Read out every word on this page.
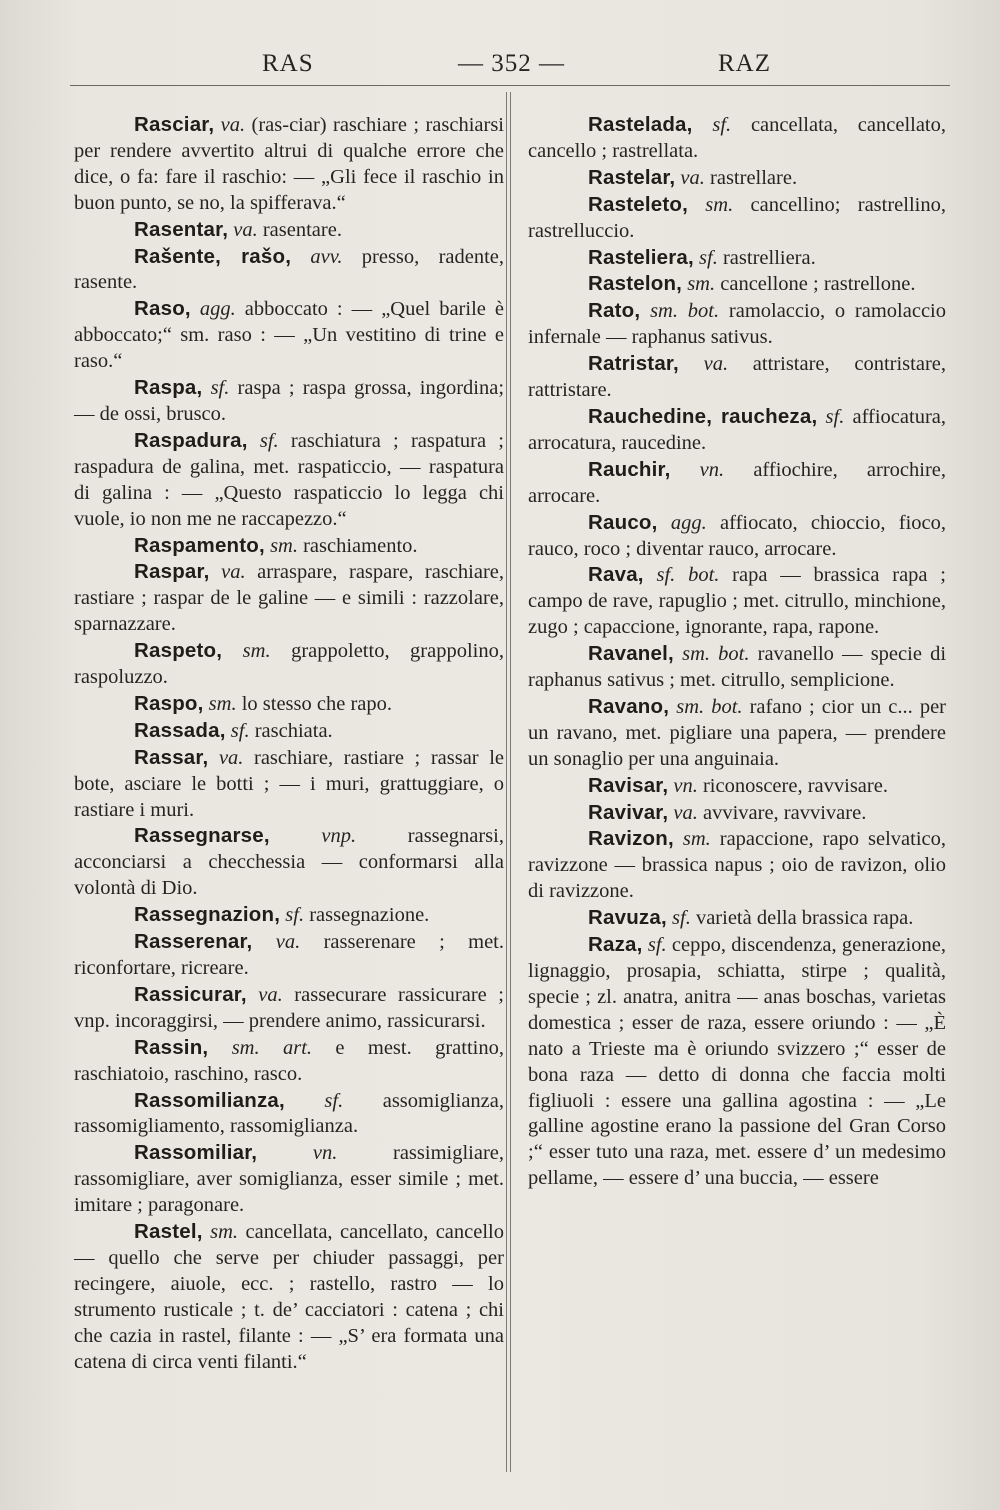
RAS	— 352 —	RAZ

Rasciar, va. (ras-ciar) raschiare ; raschiarsi per rendere avvertito altrui di qualche errore che dice, o fa: fare il raschio: — „Gli fece il raschio in buon punto, se no, la spifferava.“

Rasentar, va. rasentare.

Rašente, rašo, avv. presso, radente, rasente.

Raso, agg. abboccato : — „Quel barile è abboccato;“ sm. raso : — „Un vestitino di trine e raso.“

Raspa, sf. raspa ; raspa grossa, ingordina; — de ossi, brusco.

Raspadura, sf. raschiatura ; raspatura ; raspadura de galina, met. raspaticcio, — raspatura di galina : — „Questo raspaticcio lo legga chi vuole, io non me ne raccapezzo.“

Raspamento, sm. raschiamento.

Raspar, va. arraspare, raspare, raschiare, rastiare ; raspar de le galine — e simili : razzolare, sparnazzare.

Raspeto, sm. grappoletto, grappolino, raspoluzzo.

Raspo, sm. lo stesso che rapo.

Rassada, sf. raschiata.

Rassar, va. raschiare, rastiare ; rassar le bote, asciare le botti ; — i muri, grattuggiare, o rastiare i muri.

Rassegnarse,	vnp. rassegnarsi, acconciarsi a checchessia — conformarsi alla volontà di Dio.

Rassegnazion, sf. rassegnazione.

Rasserenar, va. rasserenare ; met. riconfortare, ricreare.

Rassicurar, va. rassecurare rassicurare ; vnp. incoraggirsi, — prendere animo, rassicurarsi.

Rassin, sm. art. e mest. grattino, raschiatoio, raschino, rasco.

Rassomilianza, sf. assomiglianza, rassomigliamento, rassomiglianza.

Rassomiliar,	vn. rassimigliare, rassomigliare, aver somiglianza, esser simile ; met. imitare ; paragonare.

Rastel, sm. cancellata, cancellato, cancello — quello che serve per chiuder passaggi, per recingere, aiuole, ecc. ; rastello, rastro — lo strumento rusticale ; t. de’ cacciatori : catena ; chi che cazia in rastel, filante : — „S’ era formata una catena di circa venti filanti.“

Rastelada, sf. cancellata, cancellato, cancello ; rastrellata.

Rastelar, va. rastrellare.

Rasteleto, sm. cancellino; rastrellino, rastrelluccio.

Rasteliera, sf. rastrelliera.

Rastelon, sm. cancellone ; rastrellone.

Rato, sm. bot. ramolaccio, o ramolaccio infernale — raphanus sativus.

Ratristar, va. attristare, contristare, rattristare.

Rauchedine, raucheza, sf. affiocatura, arrocatura, raucedine.

Rauchir, vn. affiochire, arrochire, arrocare.

Rauco, agg. affiocato, chioccio, fioco, rauco, roco ; diventar rauco, arrocare.

Rava, sf. bot. rapa — brassica rapa ; campo de rave, rapuglio ; met. citrullo, minchione, zugo ; capaccione, ignorante, rapa, rapone.

Ravanel, sm. bot. ravanello — specie di raphanus sativus ; met. citrullo, semplicione.

Ravano, sm. bot. rafano ; cior un c... per un ravano, met. pigliare una papera, — prendere un sonaglio per una anguinaia.

Ravisar, vn. riconoscere, ravvisare.

Ravivar, va. avvivare, ravvivare.

Ravizon, sm. rapaccione, rapo selvatico, ravizzone — brassica napus ; oio de ravizon, olio di ravizzone.

Ravuza, sf. varietà della brassica rapa.

Raza, sf. ceppo, discendenza, generazione, lignaggio, prosapia, schiatta, stirpe ; qualità, specie ; zl. anatra, anitra — anas boschas, varietas domestica ; esser de raza, essere oriundo : — „È nato a Trieste ma è oriundo svizzero ;“ esser de bona raza — detto di donna che faccia molti figliuoli : essere una gallina agostina : — „Le galline agostine erano la passione del Gran Corso ;“ esser tuto una raza, met. essere d’ un medesimo pellame, — essere d’ una buccia, — essere
